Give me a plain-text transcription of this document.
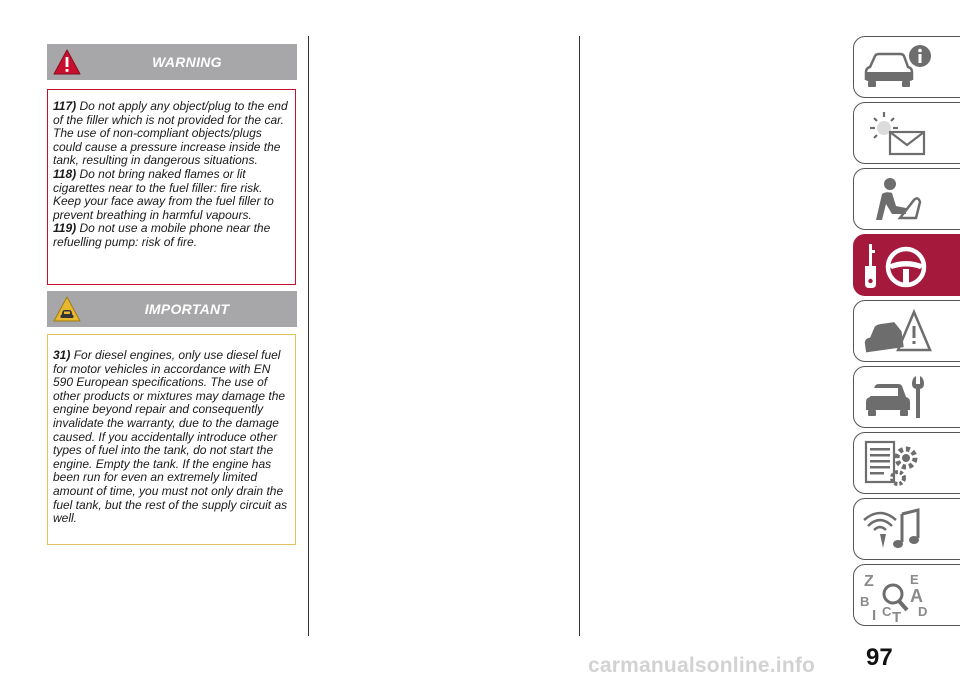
WARNING

117) Do not apply any object/plug to the end of the filler which is not provided for the car. The use of non-compliant objects/plugs could cause a pressure increase inside the tank, resulting in dangerous situations.
118) Do not bring naked flames or lit cigarettes near to the fuel filler: fire risk. Keep your face away from the fuel filler to prevent breathing in harmful vapours.
119) Do not use a mobile phone near the refuelling pump: risk of fire.

IMPORTANT

31) For diesel engines, only use diesel fuel for motor vehicles in accordance with EN 590 European specifications. The use of other products or mixtures may damage the engine beyond repair and consequently invalidate the warranty, due to the damage caused. If you accidentally introduce other types of fuel into the tank, do not start the engine. Empty the tank. If the engine has been run for even an extremely limited amount of time, you must not only drain the fuel tank, but the rest of the supply circuit as well.

Z	E
A
B
C D
I T
97
carmanualsonline.info
